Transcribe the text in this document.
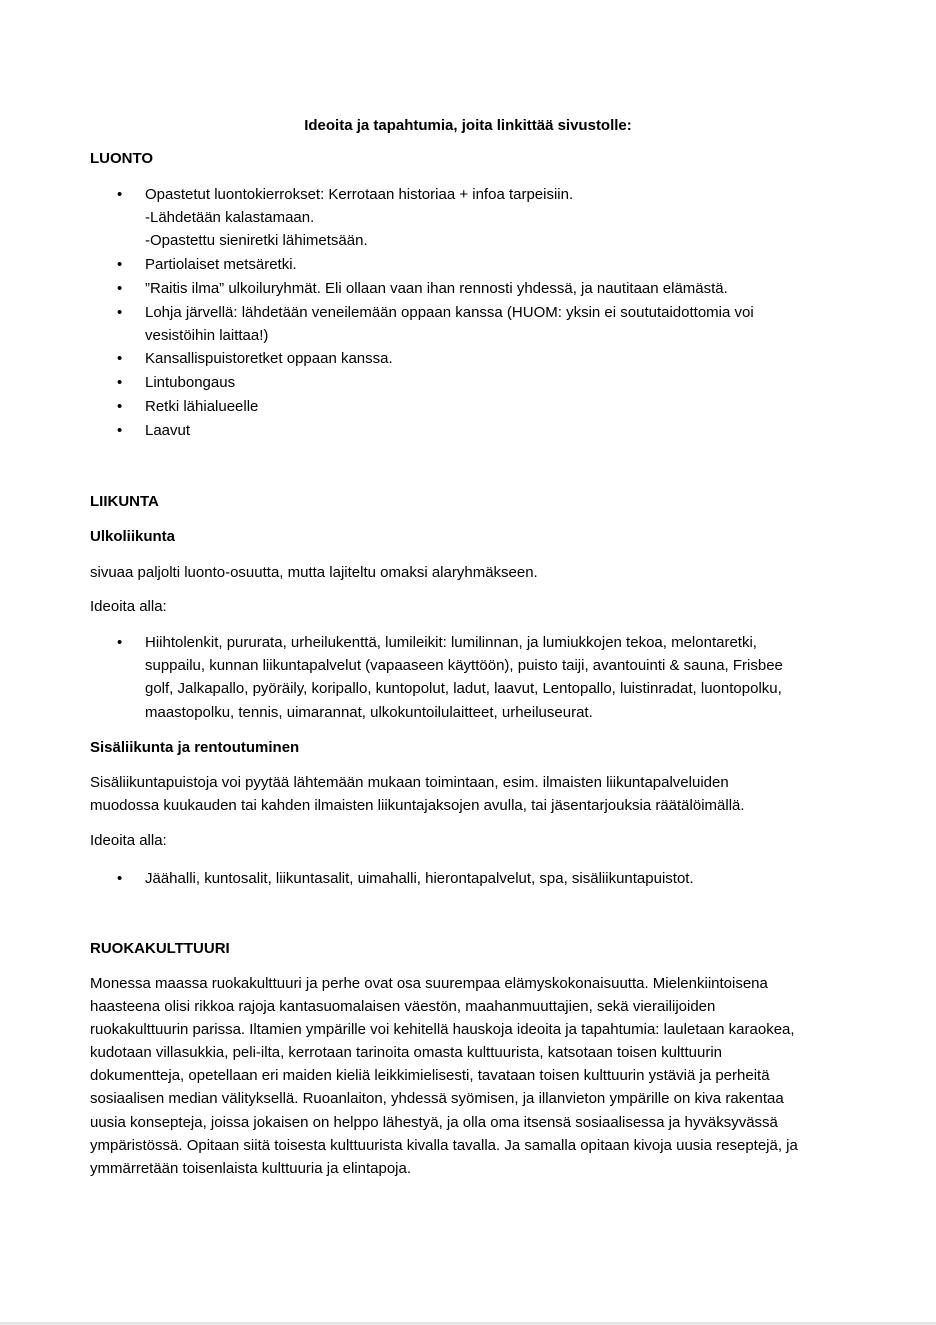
Ideoita ja tapahtumia, joita linkittää sivustolle:

LUONTO

• Opastetut luontokierrokset: Kerrotaan historiaa + infoa tarpeisiin.
-Lähdetään kalastamaan.
-Opastettu sieniretki lähimetsään.
• Partiolaiset metsäretki.
• ”Raitis ilma” ulkoiluryhmät. Eli ollaan vaan ihan rennosti yhdessä, ja nautitaan elämästä.
• Lohja järvellä: lähdetään veneilemään oppaan kanssa (HUOM: yksin ei soututaidottomia voi
vesistöihin laittaa!)
• Kansallispuistoretket oppaan kanssa.
• Lintubongaus
• Retki lähialueelle
• Laavut

LIIKUNTA

Ulkoliikunta

sivuaa paljolti luonto-osuutta, mutta lajiteltu omaksi alaryhmäkseen.

Ideoita alla:

• Hiihtolenkit, pururata, urheilukenttä, lumileikit: lumilinnan, ja lumiukkojen tekoa, melontaretki,
suppailu, kunnan liikuntapalvelut (vapaaseen käyttöön), puisto taiji, avantouinti & sauna, Frisbee
golf, Jalkapallo, pyöräily, koripallo, kuntopolut, ladut, laavut, Lentopallo, luistinradat, luontopolku,
maastopolku, tennis, uimarannat, ulkokuntoilulaitteet, urheiluseurat.

Sisäliikunta ja rentoutuminen

Sisäliikuntapuistoja voi pyytää lähtemään mukaan toimintaan, esim. ilmaisten liikuntapalveluiden
muodossa kuukauden tai kahden ilmaisten liikuntajaksojen avulla, tai jäsentarjouksia räätälöimällä.

Ideoita alla:

• Jäähalli, kuntosalit, liikuntasalit, uimahalli, hierontapalvelut, spa, sisäliikuntapuistot.

RUOKAKULTTUURI

Monessa maassa ruokakulttuuri ja perhe ovat osa suurempaa elämyskokonaisuutta. Mielenkiintoisena
haasteena olisi rikkoa rajoja kantasuomalaisen väestön, maahanmuuttajien, sekä vierailijoiden
ruokakulttuurin parissa. Iltamien ympärille voi kehitellä hauskoja ideoita ja tapahtumia: lauletaan karaokea,
kudotaan villasukkia, peli-ilta, kerrotaan tarinoita omasta kulttuurista, katsotaan toisen kulttuurin
dokumentteja, opetellaan eri maiden kieliä leikkimielisesti, tavataan toisen kulttuurin ystäviä ja perheitä
sosiaalisen median välityksellä. Ruoanlaiton, yhdessä syömisen, ja illanvieton ympärille on kiva rakentaa
uusia konsepteja, joissa jokaisen on helppo lähestyä, ja olla oma itsensä sosiaalisessa ja hyväksyvässä
ympäristössä. Opitaan siitä toisesta kulttuurista kivalla tavalla. Ja samalla opitaan kivoja uusia reseptejä, ja
ymmärretään toisenlaista kulttuuria ja elintapoja.
